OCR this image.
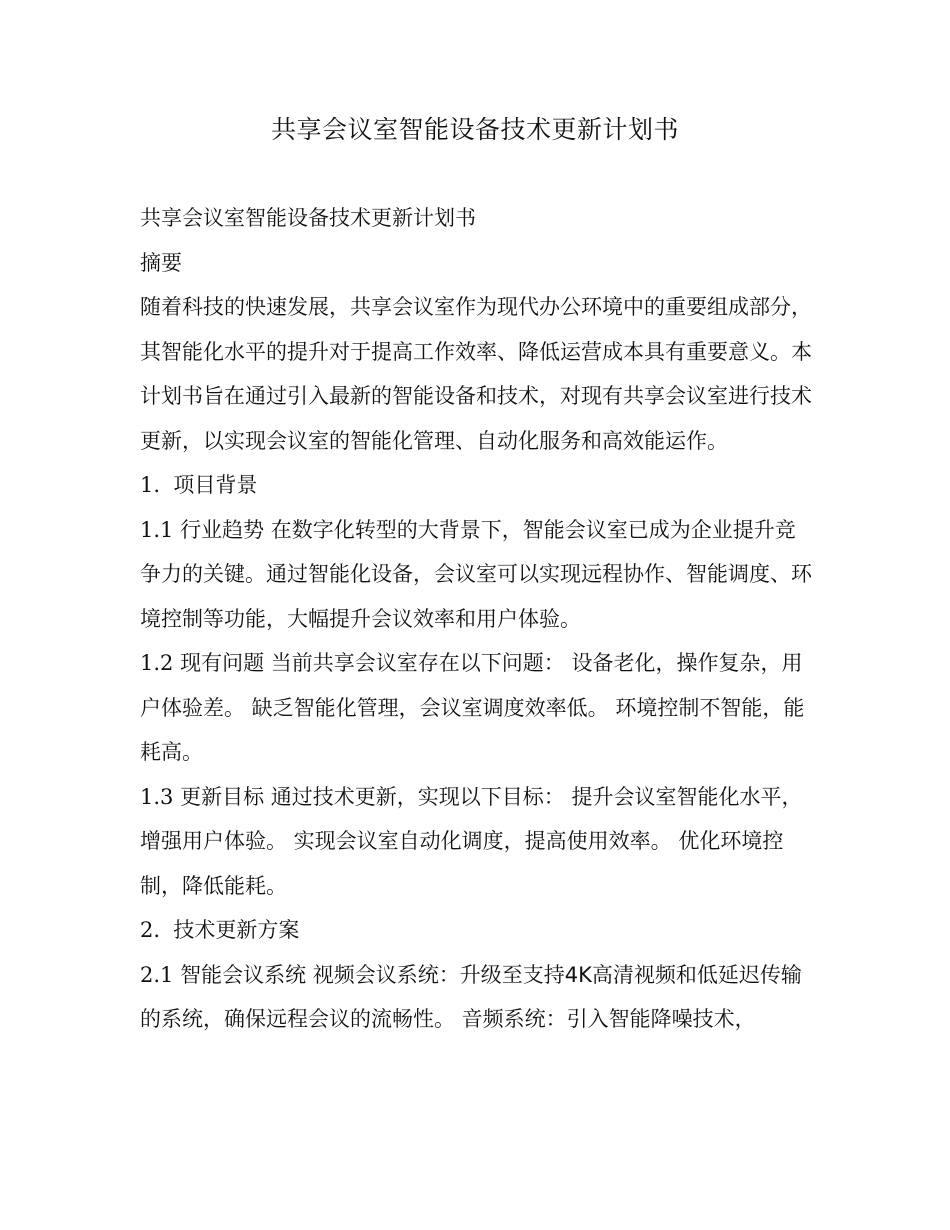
共享会议室智能设备技术更新计划书

共享会议室智能设备技术更新计划书

摘要

随着科技的快速发展，共享会议室作为现代办公环境中的重要组成部分，其智能化水平的提升对于提高工作效率、降低运营成本具有重要意义。本计划书旨在通过引入最新的智能设备和技术，对现有共享会议室进行技术更新，以实现会议室的智能化管理、自动化服务和高效能运作。

1. 项目背景

1.1 行业趋势 在数字化转型的大背景下，智能会议室已成为企业提升竞争力的关键。通过智能化设备，会议室可以实现远程协作、智能调度、环境控制等功能，大幅提升会议效率和用户体验。

1.2 现有问题 当前共享会议室存在以下问题： 设备老化，操作复杂，用户体验差。 缺乏智能化管理，会议室调度效率低。 环境控制不智能，能耗高。

1.3 更新目标 通过技术更新，实现以下目标： 提升会议室智能化水平，增强用户体验。 实现会议室自动化调度，提高使用效率。 优化环境控制，降低能耗。

2. 技术更新方案

2.1 智能会议系统 视频会议系统：升级至支持4K高清视频和低延迟传输的系统，确保远程会议的流畅性。 音频系统：引入智能降噪技术，
